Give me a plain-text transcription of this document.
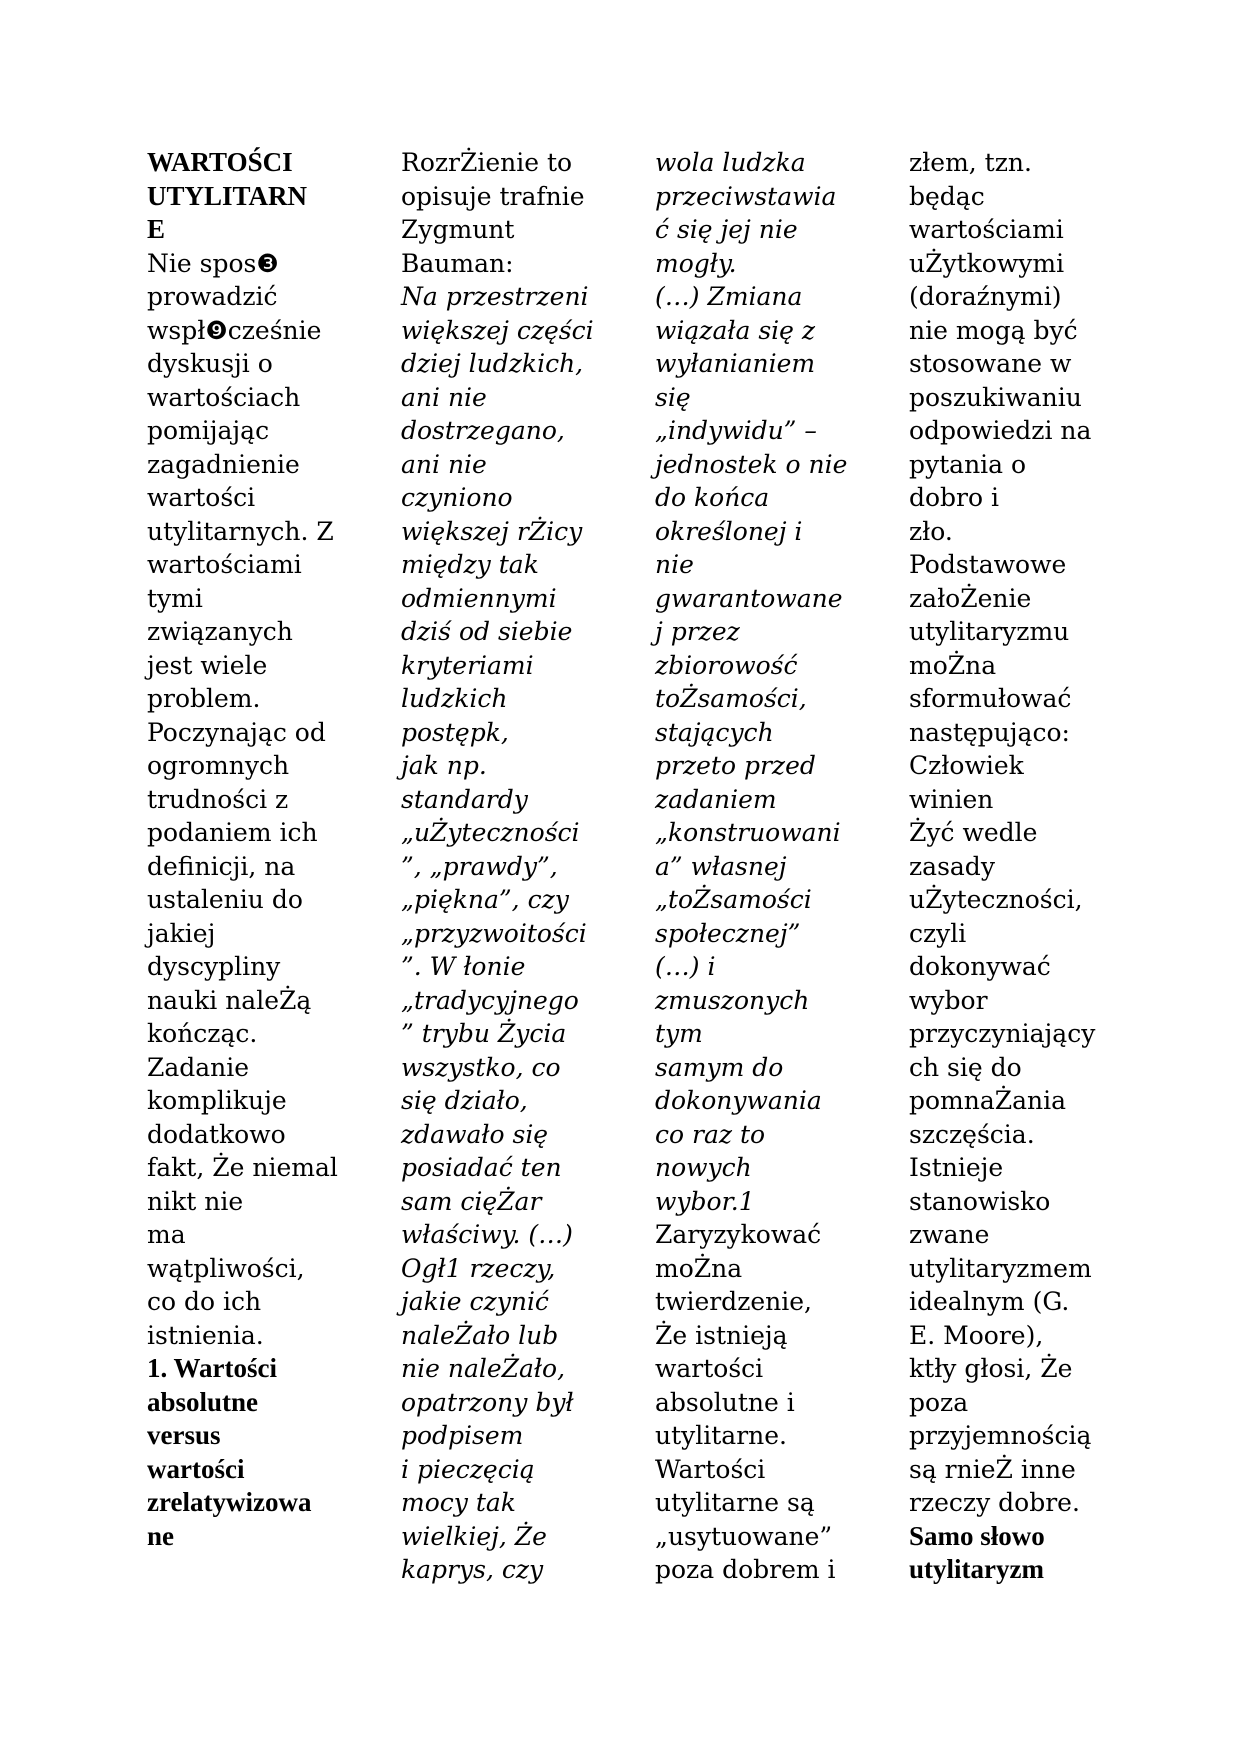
WARTOŚCI
UTYLITARN
E
Nie spos❸
prowadzić
wspł❾cześnie
dyskusji o
wartościach
pomijając
zagadnienie
wartości
utylitarnych. Z
wartościami
tymi
związanych
jest wiele
problem.
Poczynając od
ogromnych
trudności z
podaniem ich
definicji, na
ustaleniu do
jakiej
dyscypliny
nauki naleŻą
kończąc.
Zadanie
komplikuje
dodatkowo
fakt, Że niemal
nikt nie
ma
wątpliwości,
co do ich
istnienia.
1. Wartości
absolutne
versus
wartości
zrelatywizowa
ne
RozrŻienie to
opisuje trafnie
Zygmunt
Bauman:
Na przestrzeni
większej części
dziej ludzkich,
ani nie
dostrzegano,
ani nie
czyniono
większej rŻicy
między tak
odmiennymi
dziś od siebie
kryteriami
ludzkich
postępk,
jak np.
standardy
„uŻyteczności
”, „prawdy”,
„piękna”, czy
„przyzwoitości
”. W łonie
„tradycyjnego
” trybu Życia
wszystko, co
się działo,
zdawało się
posiadać ten
sam cięŻar
właściwy. (…)
Ogł1 rzeczy,
jakie czynić
naleŻało lub
nie naleŻało,
opatrzony był
podpisem
i pieczęcią
mocy tak
wielkiej, Że
kaprys, czy
wola ludzka
przeciwstawia
ć się jej nie
mogły.
(…) Zmiana
wiązała się z
wyłanianiem
się
„indywidu” –
jednostek o nie
do końca
określonej i
nie
gwarantowane
j przez
zbiorowość
toŻsamości,
stających
przeto przed
zadaniem
„konstruowani
a” własnej
„toŻsamości
społecznej”
(…) i
zmuszonych
tym
samym do
dokonywania
co raz to
nowych
wybor.1
Zaryzykować
moŻna
twierdzenie,
Że istnieją
wartości
absolutne i
utylitarne.
Wartości
utylitarne są
„usytuowane”
poza dobrem i
złem, tzn.
będąc
wartościami
uŻytkowymi
(doraźnymi)
nie mogą być
stosowane w
poszukiwaniu
odpowiedzi na
pytania o
dobro i
zło.
Podstawowe
załoŻenie
utylitaryzmu
moŻna
sformułować
następująco:
Człowiek
winien
Żyć wedle
zasady
uŻyteczności,
czyli
dokonywać
wybor
przyczyniający
ch się do
pomnaŻania
szczęścia.
Istnieje
stanowisko
zwane
utylitaryzmem
idealnym (G.
E. Moore),
ktły głosi, Że
poza
przyjemnością
są rnieŻ inne
rzeczy dobre.
Samo słowo
utylitaryzm
